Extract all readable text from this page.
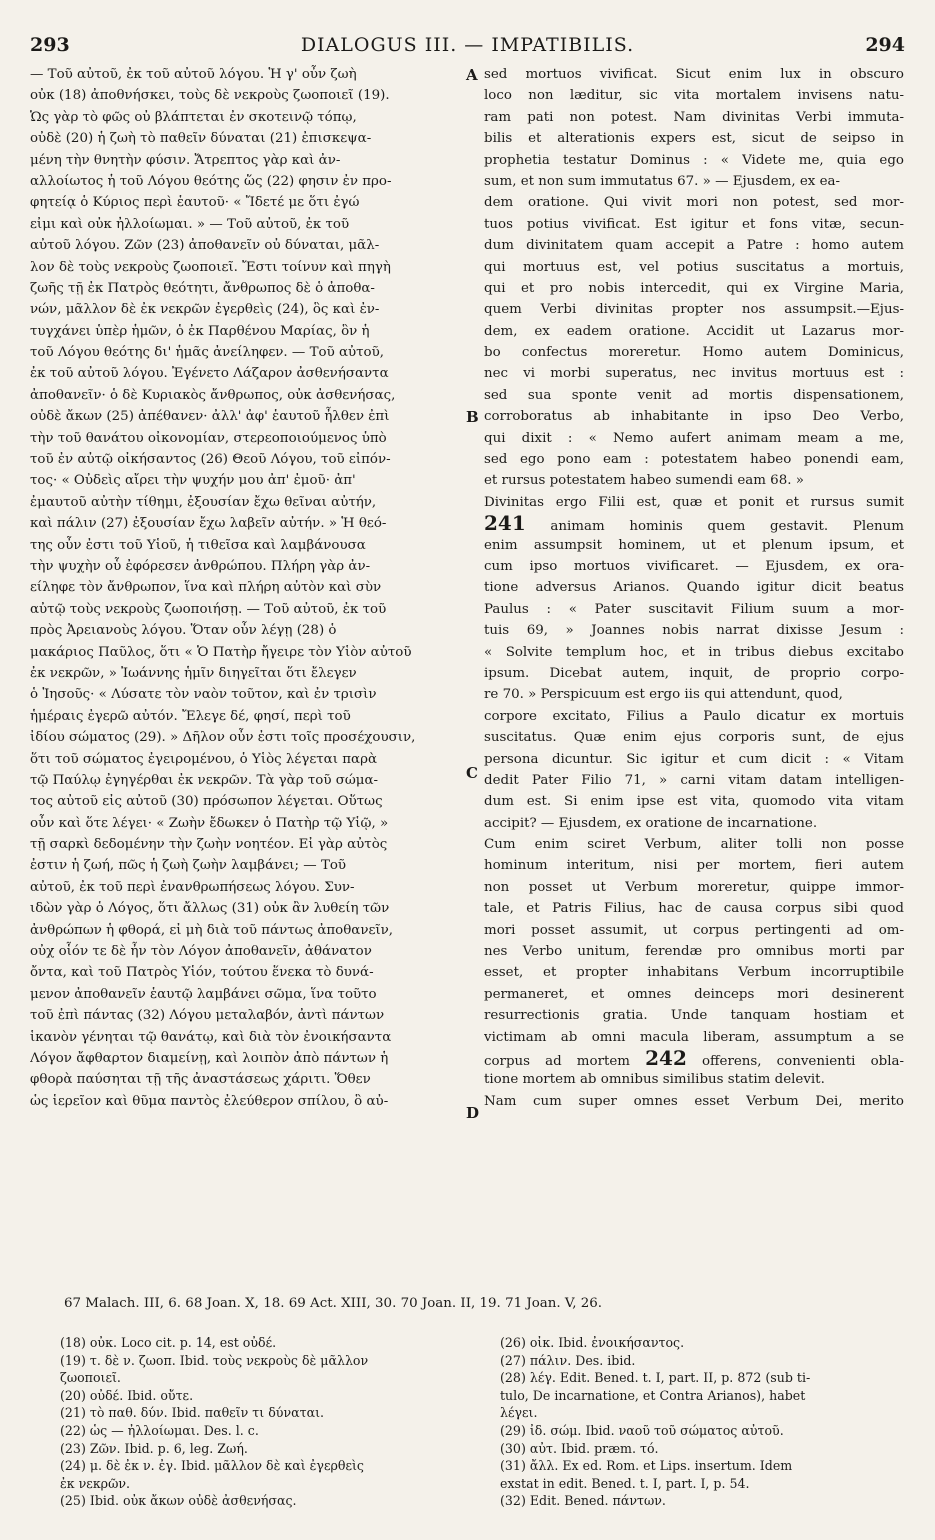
293	DIALOGUS III. — IMPATIBILIS.	294
— Τοῦ αὐτοῦ, ἐκ τοῦ αὐτοῦ λόγου. Ἡ γ' οὖν ζωὴ
οὐκ (18) ἀποθνήσκει, τοὺς δὲ νεκροὺς ζωοποιεῖ (19).
Ὡς γὰρ τὸ φῶς οὐ βλάπτεται ἐν σκοτεινῷ τόπῳ,
οὐδὲ (20) ἡ ζωὴ τὸ παθεῖν δύναται (21) ἐπισκεψα-
μένη τὴν θνητὴν φύσιν. Ἄτρεπτος γὰρ καὶ ἀν-
αλλοίωτος ἡ τοῦ Λόγου θεότης ὥς (22) φησιν ἐν προ-
φητείᾳ ὁ Κύριος περὶ ἑαυτοῦ· « Ἴδετέ με ὅτι ἐγώ
εἰμι καὶ οὐκ ἠλλοίωμαι. » — Τοῦ αὐτοῦ, ἐκ τοῦ
αὐτοῦ λόγου. Ζῶν (23) ἀποθανεῖν οὐ δύναται, μᾶλ-
λον δὲ τοὺς νεκροὺς ζωοποιεῖ. Ἔστι τοίνυν καὶ πηγὴ
ζωῆς τῇ ἐκ Πατρὸς θεότητι, ἄνθρωπος δὲ ὁ ἀποθα-
νών, μᾶλλον δὲ ἐκ νεκρῶν ἐγερθεὶς (24), ὃς καὶ ἐν-
τυγχάνει ὑπὲρ ἡμῶν, ὁ ἐκ Παρθένου Μαρίας, ὃν ἡ
τοῦ Λόγου θεότης δι' ἡμᾶς ἀνείληφεν. — Τοῦ αὐτοῦ,
ἐκ τοῦ αὐτοῦ λόγου. Ἐγένετο Λάζαρον ἀσθενήσαντα
ἀποθανεῖν· ὁ δὲ Κυριακὸς ἄνθρωπος, οὐκ ἀσθενήσας,
οὐδὲ ἄκων (25) ἀπέθανεν· ἀλλ' ἀφ' ἑαυτοῦ ἦλθεν ἐπὶ
τὴν τοῦ θανάτου οἰκονομίαν, στερεοποιούμενος ὑπὸ
τοῦ ἐν αὐτῷ οἰκήσαντος (26) Θεοῦ Λόγου, τοῦ εἰπόν-
τος· « Οὐδεὶς αἴρει τὴν ψυχήν μου ἀπ' ἐμοῦ· ἀπ'
ἐμαυτοῦ αὐτὴν τίθημι, ἐξουσίαν ἔχω θεῖναι αὐτήν,
καὶ πάλιν (27) ἐξουσίαν ἔχω λαβεῖν αὐτήν. » Ἡ θεό-
της οὖν ἐστι τοῦ Υἱοῦ, ἡ τιθεῖσα καὶ λαμβάνουσα
τὴν ψυχὴν οὗ ἐφόρεσεν ἀνθρώπου. Πλήρη γὰρ ἀν-
είληφε τὸν ἄνθρωπον, ἵνα καὶ πλήρη αὐτὸν καὶ σὺν
αὐτῷ τοὺς νεκροὺς ζωοποιήσῃ. — Τοῦ αὐτοῦ, ἐκ τοῦ
πρὸς Ἀρειανοὺς λόγου. Ὅταν οὖν λέγῃ (28) ὁ
μακάριος Παῦλος, ὅτι « Ὁ Πατὴρ ἤγειρε τὸν Υἱὸν αὐτοῦ
ἐκ νεκρῶν, » Ἰωάννης ἡμῖν διηγεῖται ὅτι ἔλεγεν
ὁ Ἰησοῦς· « Λύσατε τὸν ναὸν τοῦτον, καὶ ἐν τρισὶν
ἡμέραις ἐγερῶ αὐτόν. Ἔλεγε δέ, φησί, περὶ τοῦ
ἰδίου σώματος (29). » Δῆλον οὖν ἐστι τοῖς προσέχουσιν,
ὅτι τοῦ σώματος ἐγειρομένου, ὁ Υἱὸς λέγεται παρὰ
τῷ Παύλῳ ἐγηγέρθαι ἐκ νεκρῶν. Τὰ γὰρ τοῦ σώμα-
τος αὐτοῦ εἰς αὐτοῦ (30) πρόσωπον λέγεται. Οὕτως
οὖν καὶ ὅτε λέγει· « Ζωὴν ἔδωκεν ὁ Πατὴρ τῷ Υἱῷ, »
τῇ σαρκὶ δεδομένην τὴν ζωὴν νοητέον. Εἰ γὰρ αὐτὸς
ἐστιν ἡ ζωή, πῶς ἡ ζωὴ ζωὴν λαμβάνει; — Τοῦ
αὐτοῦ, ἐκ τοῦ περὶ ἐνανθρωπήσεως λόγου. Συν-
ιδὼν γὰρ ὁ Λόγος, ὅτι ἄλλως (31) οὐκ ἂν λυθείη τῶν
ἀνθρώπων ἡ φθορά, εἰ μὴ διὰ τοῦ πάντως ἀποθανεῖν,
οὐχ οἷόν τε δὲ ἦν τὸν Λόγον ἀποθανεῖν, ἀθάνατον
ὄντα, καὶ τοῦ Πατρὸς Υἱόν, τούτου ἕνεκα τὸ δυνά-
μενον ἀποθανεῖν ἑαυτῷ λαμβάνει σῶμα, ἵνα τοῦτο
τοῦ ἐπὶ πάντας (32) Λόγου μεταλαβόν, ἀντὶ πάντων
ἱκανὸν γένηται τῷ θανάτῳ, καὶ διὰ τὸν ἐνοικήσαντα
Λόγον ἄφθαρτον διαμείνῃ, καὶ λοιπὸν ἀπὸ πάντων ἡ
φθορὰ παύσηται τῇ τῆς ἀναστάσεως χάριτι. Ὅθεν
ὡς ἱερεῖον καὶ θῦμα παντὸς ἐλεύθερον σπίλου, ὃ αὐ-
sed mortuos vivificat. Sicut enim lux in obscuro
loco non læditur, sic vita mortalem invisens natu-
ram pati non potest. Nam divinitas Verbi immuta-
bilis et alterationis expers est, sicut de seipso in
prophetia testatur Dominus : « Videte me, quia ego
sum, et non sum immutatus 67. » — Ejusdem, ex ea-
dem oratione. Qui vivit mori non potest, sed mor-
tuos potius vivificat. Est igitur et fons vitæ, secun-
dum divinitatem quam accepit a Patre : homo autem
qui mortuus est, vel potius suscitatus a mortuis,
qui et pro nobis intercedit, qui ex Virgine Maria,
quem Verbi divinitas propter nos assumpsit.—Ejus-
dem, ex eadem oratione. Accidit ut Lazarus mor-
bo confectus moreretur. Homo autem Dominicus,
nec vi morbi superatus, nec invitus mortuus est :
sed sua sponte venit ad mortis dispensationem,
corroboratus ab inhabitante in ipso Deo Verbo,
qui dixit : « Nemo aufert animam meam a me,
sed ego pono eam : potestatem habeo ponendi eam,
et rursus potestatem habeo sumendi eam 68. »
Divinitas ergo Filii est, quæ et ponit et rursus sumit
241 animam hominis quem gestavit. Plenum
enim assumpsit hominem, ut et plenum ipsum, et
cum ipso mortuos vivificaret. — Ejusdem, ex ora-
tione adversus Arianos. Quando igitur dicit beatus
Paulus : « Pater suscitavit Filium suum a mor-
tuis 69, » Joannes nobis narrat dixisse Jesum :
« Solvite templum hoc, et in tribus diebus excitabo
ipsum. Dicebat autem, inquit, de proprio corpo-
re 70. » Perspicuum est ergo iis qui attendunt, quod,
corpore excitato, Filius a Paulo dicatur ex mortuis
suscitatus. Quæ enim ejus corporis sunt, de ejus
persona dicuntur. Sic igitur et cum dicit : « Vitam
dedit Pater Filio 71, » carni vitam datam intelligen-
dum est. Si enim ipse est vita, quomodo vita vitam
accipit? — Ejusdem, ex oratione de incarnatione.
Cum enim sciret Verbum, aliter tolli non posse
hominum interitum, nisi per mortem, fieri autem
non posset ut Verbum moreretur, quippe immor-
tale, et Patris Filius, hac de causa corpus sibi quod
mori posset assumit, ut corpus pertingenti ad om-
nes Verbo unitum, ferendæ pro omnibus morti par
esset, et propter inhabitans Verbum incorruptibile
permaneret, et omnes deinceps mori desinerent
resurrectionis gratia. Unde tanquam hostiam et
victimam ab omni macula liberam, assumptum a se
corpus ad mortem 242 offerens, convenienti obla-
tione mortem ab omnibus similibus statim delevit.
Nam cum super omnes esset Verbum Dei, merito
A
B
C
D
67 Malach. III, 6. 68 Joan. X, 18. 69 Act. XIII, 30. 70 Joan. II, 19. 71 Joan. V, 26.
(18) οὐκ. Loco cit. p. 14, est οὐδέ.
(19) τ. δὲ ν. ζωοπ. Ibid. τοὺς νεκροὺς δὲ μᾶλλον
ζωοποιεῖ.
(20) οὐδέ. Ibid. οὔτε.
(21) τὸ παθ. δύν. Ibid. παθεῖν τι δύναται.
(22) ὡς — ἠλλοίωμαι. Des. l. c.
(23) Ζῶν. Ibid. p. 6, leg. Ζωή.
(24) μ. δὲ ἐκ ν. ἐγ. Ibid. μᾶλλον δὲ καὶ ἐγερθεὶς
ἐκ νεκρῶν.
(25) Ibid. οὐκ ἄκων οὐδὲ ἀσθενήσας.
(26) οἰκ. Ibid. ἐνοικήσαντος.
(27) πάλιν. Des. ibid.
(28) λέγ. Edit. Bened. t. I, part. II, p. 872 (sub ti-
tulo, De incarnatione, et Contra Arianos), habet
λέγει.
(29) ἰδ. σώμ. Ibid. ναοῦ τοῦ σώματος αὐτοῦ.
(30) αὐτ. Ibid. præm. τό.
(31) ἄλλ. Ex ed. Rom. et Lips. insertum. Idem
exstat in edit. Bened. t. I, part. I, p. 54.
(32) Edit. Bened. πάντων.
